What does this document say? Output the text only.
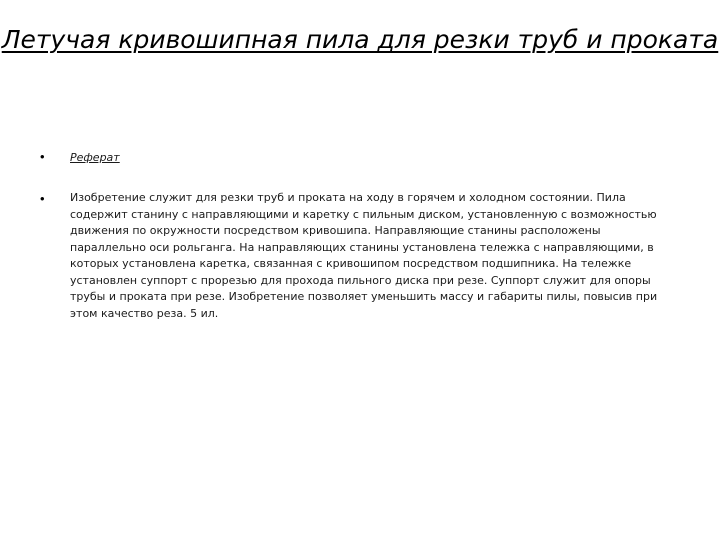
Летучая кривошипная пила для резки труб и проката
• Реферат
• Изобретение служит для резки труб и проката на ходу в горячем и холодном состоянии. Пила содержит станину с направляющими и каретку с пильным диском, установленную с возможностью движения по окружности посредством кривошипа. Направляющие станины расположены параллельно оси рольганга. На направляющих станины установлена тележка с направляющими, в которых установлена каретка, связанная с кривошипом посредством подшипника. На тележке установлен суппорт с прорезью для прохода пильного диска при резе. Суппорт служит для опоры трубы и проката при резе. Изобретение позволяет уменьшить массу и габариты пилы, повысив при этом качество реза. 5 ил.
